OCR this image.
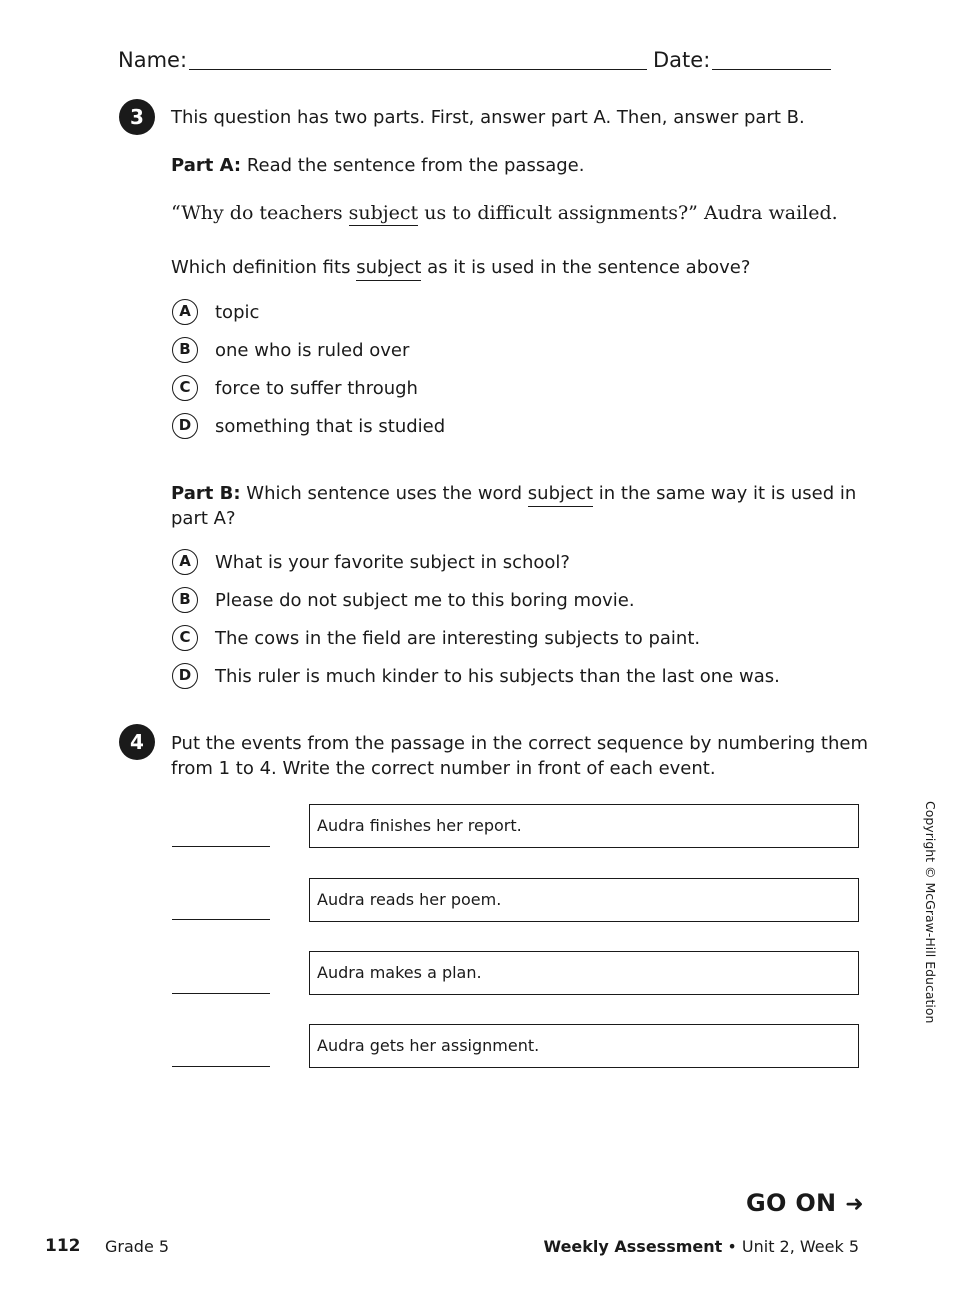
Name:	Date:
3	This question has two parts. First, answer part A. Then, answer part B.
Part A: Read the sentence from the passage.
“Why do teachers subject us to difficult assignments?” Audra wailed.
Which definition fits subject as it is used in the sentence above?
A	topic
B	one who is ruled over
C	force to suffer through
D	something that is studied
Part B: Which sentence uses the word subject in the same way it is used in
part A?
A	What is your favorite subject in school?
B	Please do not subject me to this boring movie.
C	The cows in the field are interesting subjects to paint.
D	This ruler is much kinder to his subjects than the last one was.
4	Put the events from the passage in the correct sequence by numbering them
from 1 to 4. Write the correct number in front of each event.
Audra finishes her report.
Audra reads her poem.
Audra makes a plan.
Audra gets her assignment.
Copyright © McGraw-Hill Education
GO ON ➜
112 Grade 5	Weekly Assessment • Unit 2, Week 5
